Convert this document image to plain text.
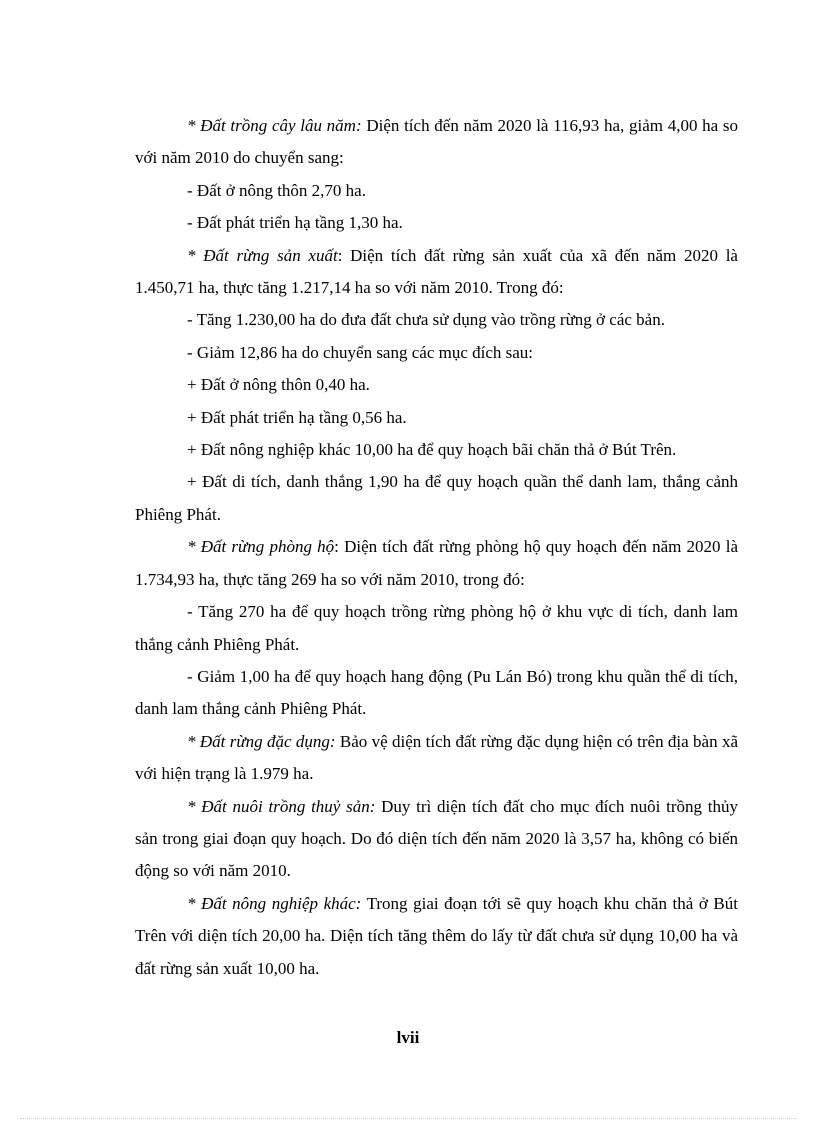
* Đất trồng cây lâu năm: Diện tích đến năm 2020 là 116,93 ha, giảm 4,00 ha so với năm 2010 do chuyển sang:

- Đất ở nông thôn 2,70 ha.

- Đất phát triển hạ tầng 1,30 ha.

* Đất rừng sản xuất: Diện tích đất rừng sản xuất của xã đến năm 2020 là 1.450,71 ha, thực tăng 1.217,14 ha so với năm 2010. Trong đó:

- Tăng 1.230,00 ha do đưa đất chưa sử dụng vào trồng rừng ở các bản.

- Giảm 12,86 ha do chuyển sang các mục đích sau:

+ Đất ở nông thôn 0,40 ha.

+ Đất phát triển hạ tầng 0,56 ha.

+ Đất nông nghiệp khác 10,00 ha để quy hoạch bãi chăn thả ở Bút Trên.

+ Đất di tích, danh thắng 1,90 ha để quy hoạch quần thể danh lam, thắng cảnh Phiêng Phát.

* Đất rừng phòng hộ: Diện tích đất rừng phòng hộ quy hoạch đến năm 2020 là 1.734,93 ha, thực tăng 269 ha so với năm 2010, trong đó:

- Tăng 270 ha để quy hoạch trồng rừng phòng hộ ở khu vực di tích, danh lam thắng cảnh Phiêng Phát.

- Giảm 1,00 ha để quy hoạch hang động (Pu Lán Bó) trong khu quần thể di tích, danh lam thắng cảnh Phiêng Phát.

* Đất rừng đặc dụng: Bảo vệ diện tích đất rừng đặc dụng hiện có trên địa bàn xã với hiện trạng là 1.979 ha.

* Đất nuôi trồng thuỷ sản: Duy trì diện tích đất cho mục đích nuôi trồng thủy sản trong giai đoạn quy hoạch. Do đó diện tích đến năm 2020 là 3,57 ha, không có biến động so với năm 2010.

* Đất nông nghiệp khác: Trong giai đoạn tới sẽ quy hoạch khu chăn thả ở Bút Trên với diện tích 20,00 ha. Diện tích tăng thêm do lấy từ đất chưa sử dụng 10,00 ha và đất rừng sản xuất 10,00 ha.

lvii
